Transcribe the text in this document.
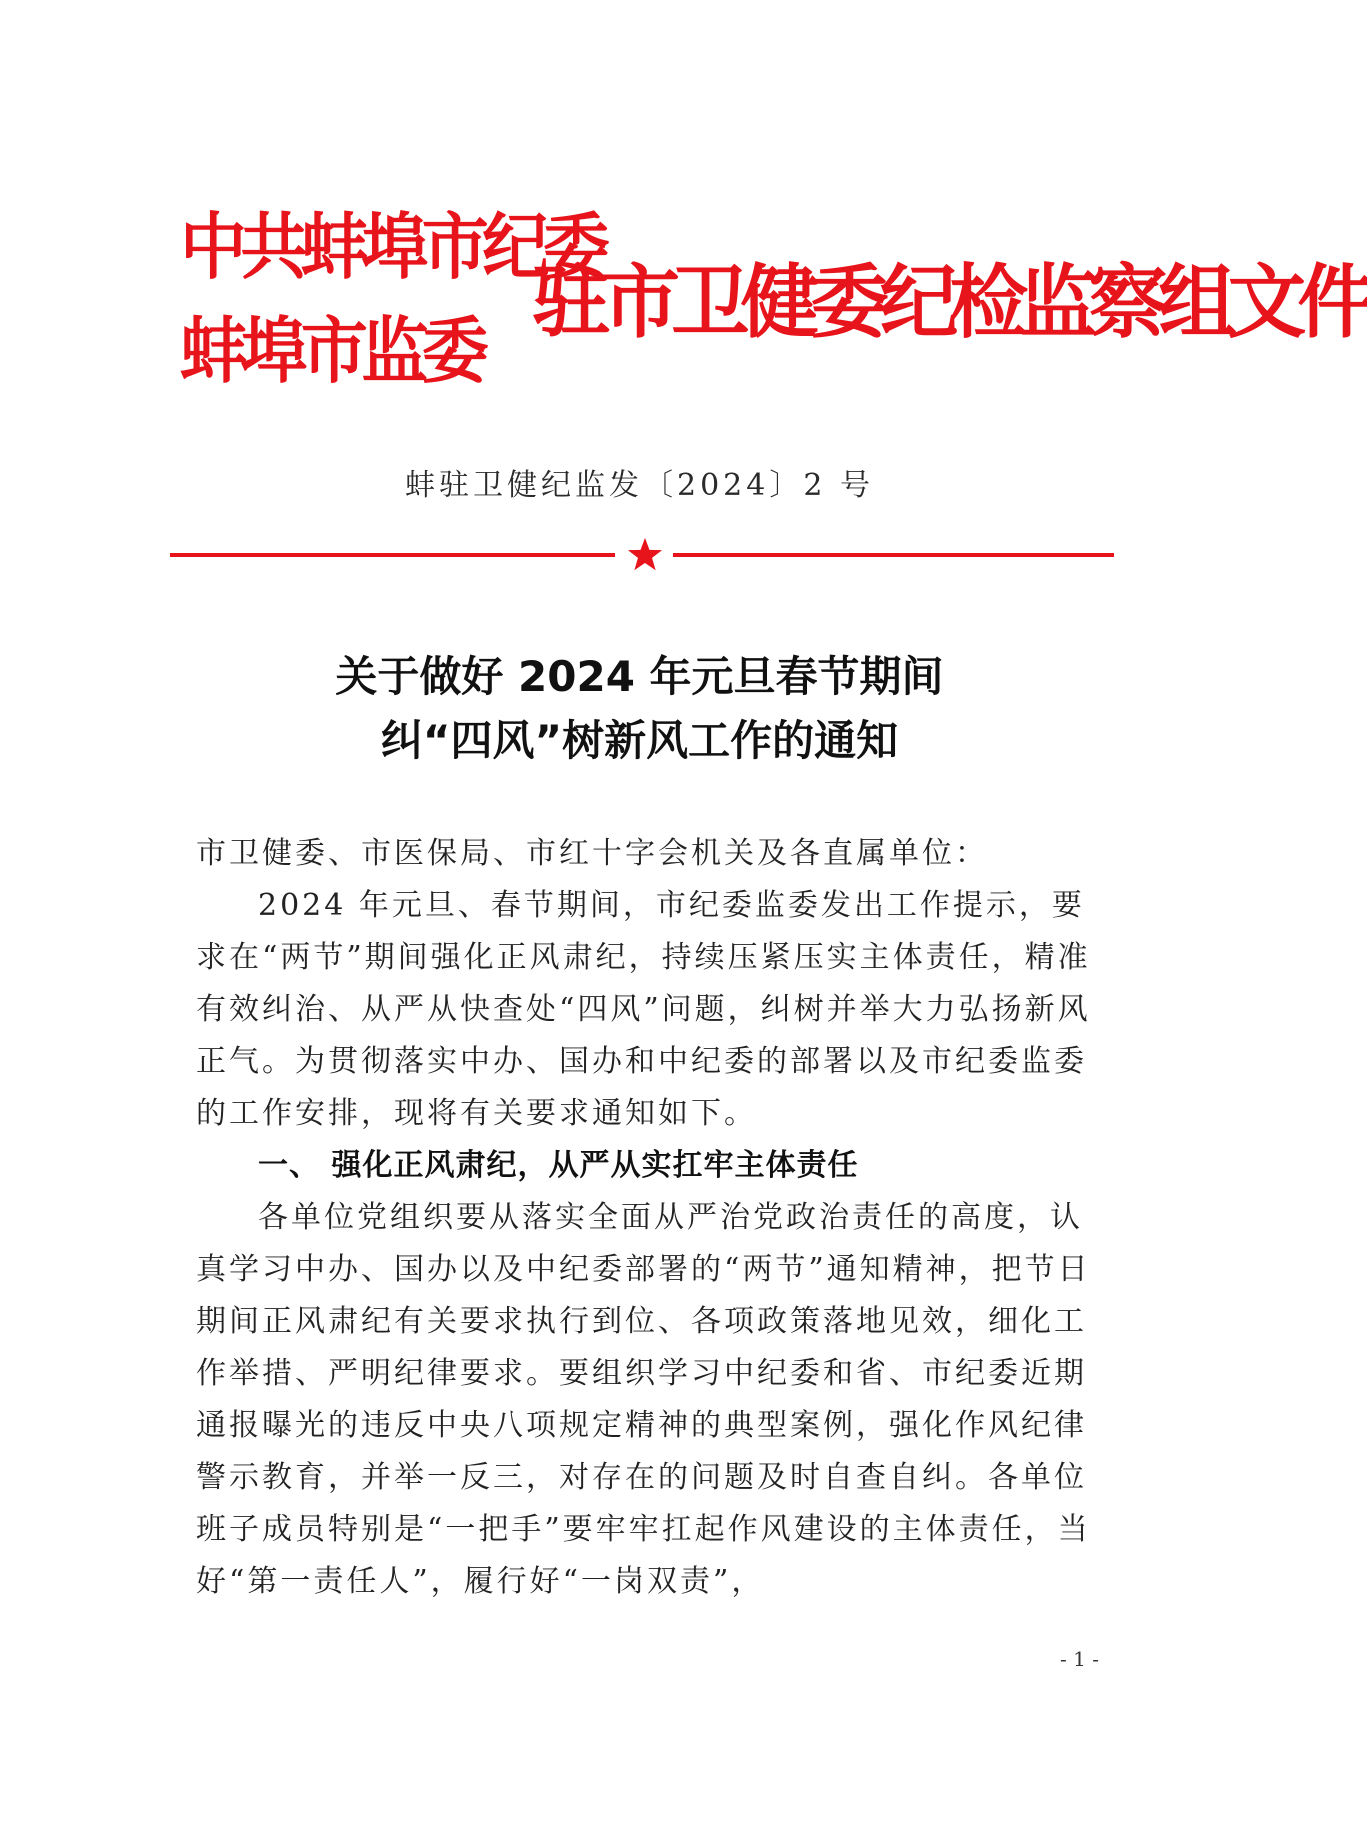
中共蚌埠市纪委
蚌埠市监委
驻市卫健委纪检监察组文件
蚌驻卫健纪监发〔2024〕2 号
关于做好 2024 年元旦春节期间
纠“四风”树新风工作的通知

市卫健委、市医保局、市红十字会机关及各直属单位：

2024 年元旦、春节期间，市纪委监委发出工作提示，要求在“两节”期间强化正风肃纪，持续压紧压实主体责任，精准有效纠治、从严从快查处“四风”问题，纠树并举大力弘扬新风正气。为贯彻落实中办、国办和中纪委的部署以及市纪委监委的工作安排，现将有关要求通知如下。

一、 强化正风肃纪，从严从实扛牢主体责任

各单位党组织要从落实全面从严治党政治责任的高度，认真学习中办、国办以及中纪委部署的“两节”通知精神，把节日期间正风肃纪有关要求执行到位、各项政策落地见效，细化工作举措、严明纪律要求。要组织学习中纪委和省、市纪委近期通报曝光的违反中央八项规定精神的典型案例，强化作风纪律警示教育，并举一反三，对存在的问题及时自查自纠。各单位班子成员特别是“一把手”要牢牢扛起作风建设的主体责任，当好“第一责任人”，履行好“一岗双责”，

- 1 -
